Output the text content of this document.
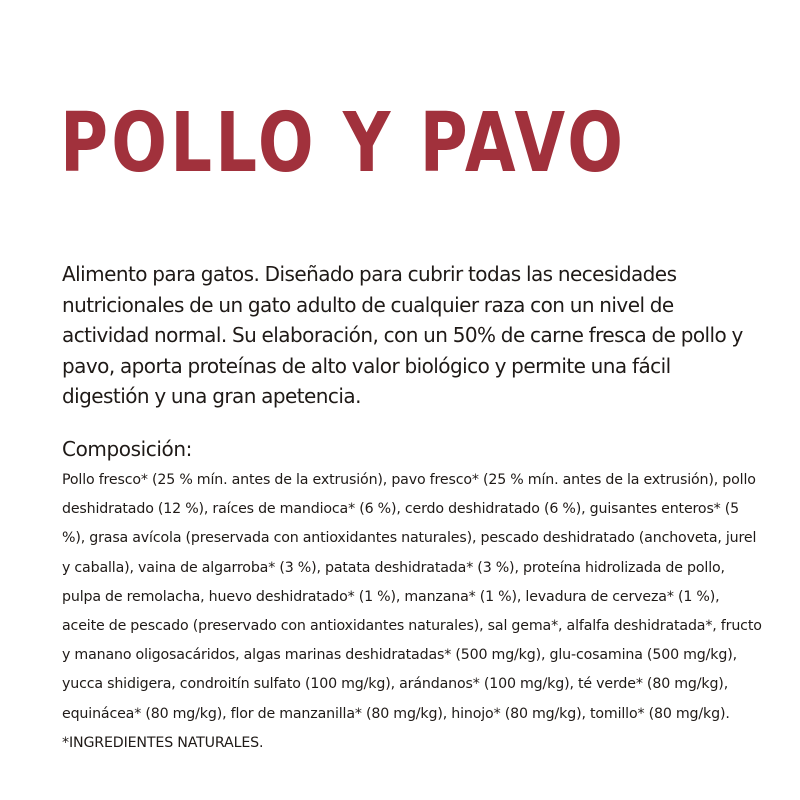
POLLO Y PAVO

Alimento para gatos. Diseñado para cubrir todas las necesidades nutricionales de un gato adulto de cualquier raza con un nivel de actividad normal. Su elaboración, con un 50% de carne fresca de pollo y pavo, aporta proteínas de alto valor biológico y permite una fácil digestión y una gran apetencia.

Composición:

Pollo fresco* (25 % mín. antes de la extrusión), pavo fresco* (25 % mín. antes de la extrusión), pollo deshidratado (12 %), raíces de mandioca* (6 %), cerdo deshidratado (6 %), guisantes enteros* (5 %), grasa avícola (preservada con antioxidantes naturales), pescado deshidratado (anchoveta, jurel y caballa), vaina de algarroba* (3 %), patata deshidratada* (3 %), proteína hidrolizada de pollo, pulpa de remolacha, huevo deshidratado* (1 %), manzana* (1 %), levadura de cerveza* (1 %), aceite de pescado (preservado con antioxidantes naturales), sal gema*, alfalfa deshidratada*, fructo y manano oligosacáridos, algas marinas deshidratadas* (500 mg/kg), glu-cosamina (500 mg/kg), yucca shidigera, condroitín sulfato (100 mg/kg), arándanos* (100 mg/kg), té verde* (80 mg/kg), equinácea* (80 mg/kg), flor de manzanilla* (80 mg/kg), hinojo* (80 mg/kg), tomillo* (80 mg/kg). *INGREDIENTES NATURALES.
